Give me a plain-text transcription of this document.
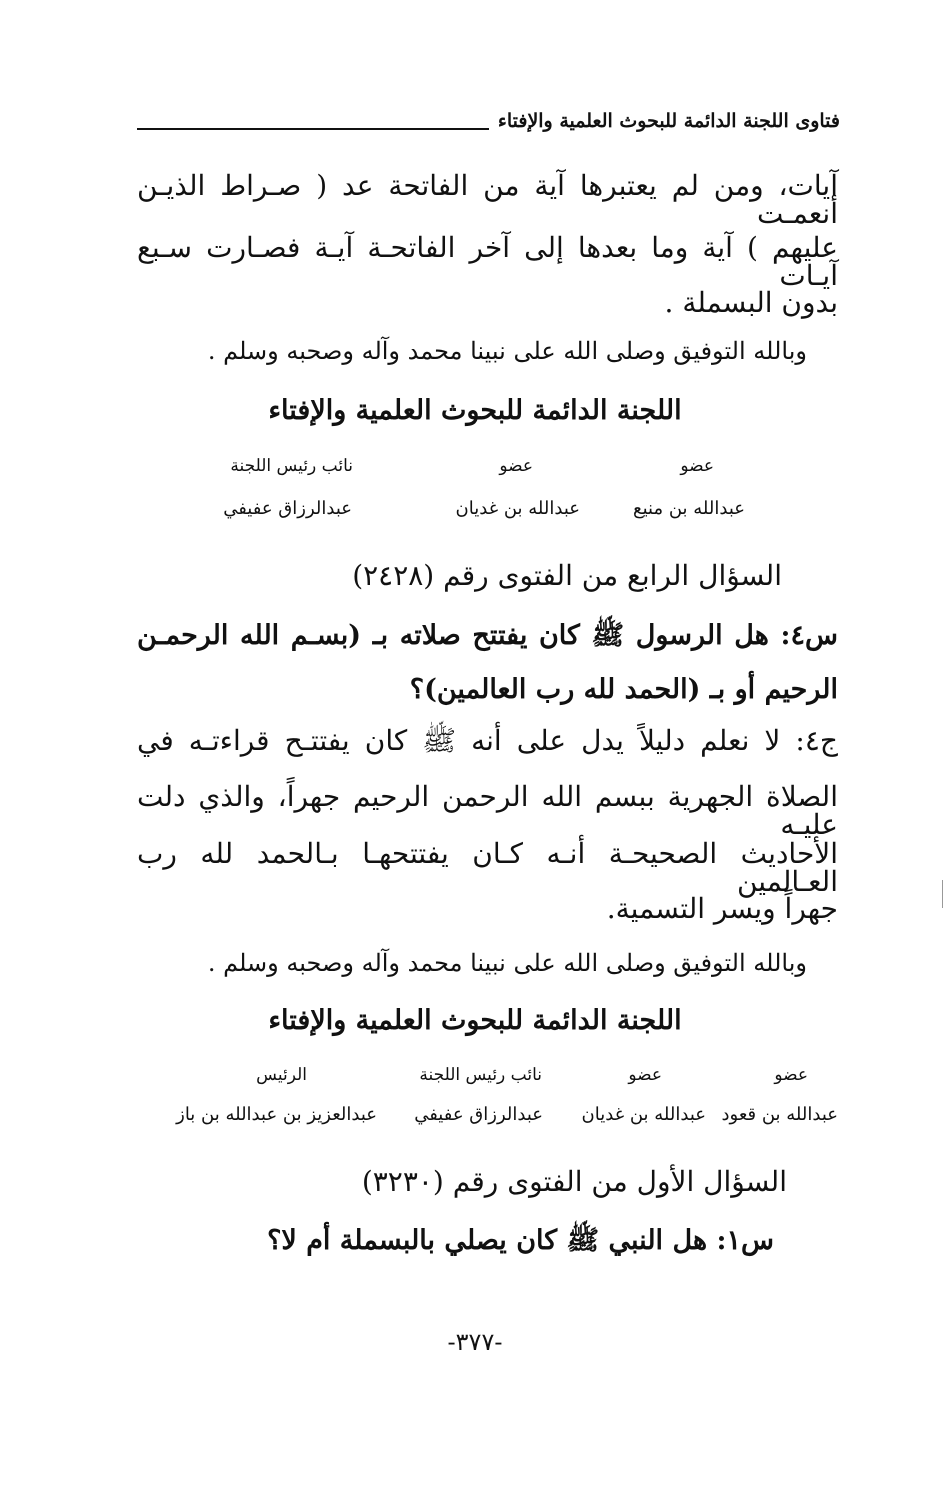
فتاوى اللجنة الدائمة للبحوث العلمية والإفتاء
آيات، ومن لم يعتبرها آية من الفاتحة عد ( صـراط الذيـن أنعمـت
عليهم ) آية وما بعدها إلى آخر الفاتحـة آيـة فصـارت سـبع آيـات
بدون البسملة .
وبالله التوفيق وصلى الله على نبينا محمد وآله وصحبه وسلم .
اللجنة الدائمة للبحوث العلمية والإفتاء
عضو
عضو
نائب رئيس اللجنة
عبدالله بن منيع
عبدالله بن غديان
عبدالرزاق عفيفي
السؤال الرابع من الفتوى رقم (٢٤٢٨)
س٤: هل الرسول ﷺ كان يفتتح صلاته بـ (بسـم الله الرحمـن
الرحيم أو بـ (الحمد لله رب العالمين)؟
ج٤: لا نعلم دليلاً يدل على أنه ﷺ كان يفتتـح قراءتـه في
الصلاة الجهرية ببسم الله الرحمن الرحيم جهراً، والذي دلت عليـه
الأحاديث الصحيحـة أنـه كـان يفتتحهـا بـالحمد لله رب العـالمين
جهراً ويسر التسمية.
وبالله التوفيق وصلى الله على نبينا محمد وآله وصحبه وسلم .
اللجنة الدائمة للبحوث العلمية والإفتاء
عضو
عضو
نائب رئيس اللجنة
الرئيس
عبدالله بن قعود
عبدالله بن غديان
عبدالرزاق عفيفي
عبدالعزيز بن عبدالله بن باز
السؤال الأول من الفتوى رقم (٣٢٣٠)
س١: هل النبي ﷺ كان يصلي بالبسملة أم لا؟
-٣٧٧-
